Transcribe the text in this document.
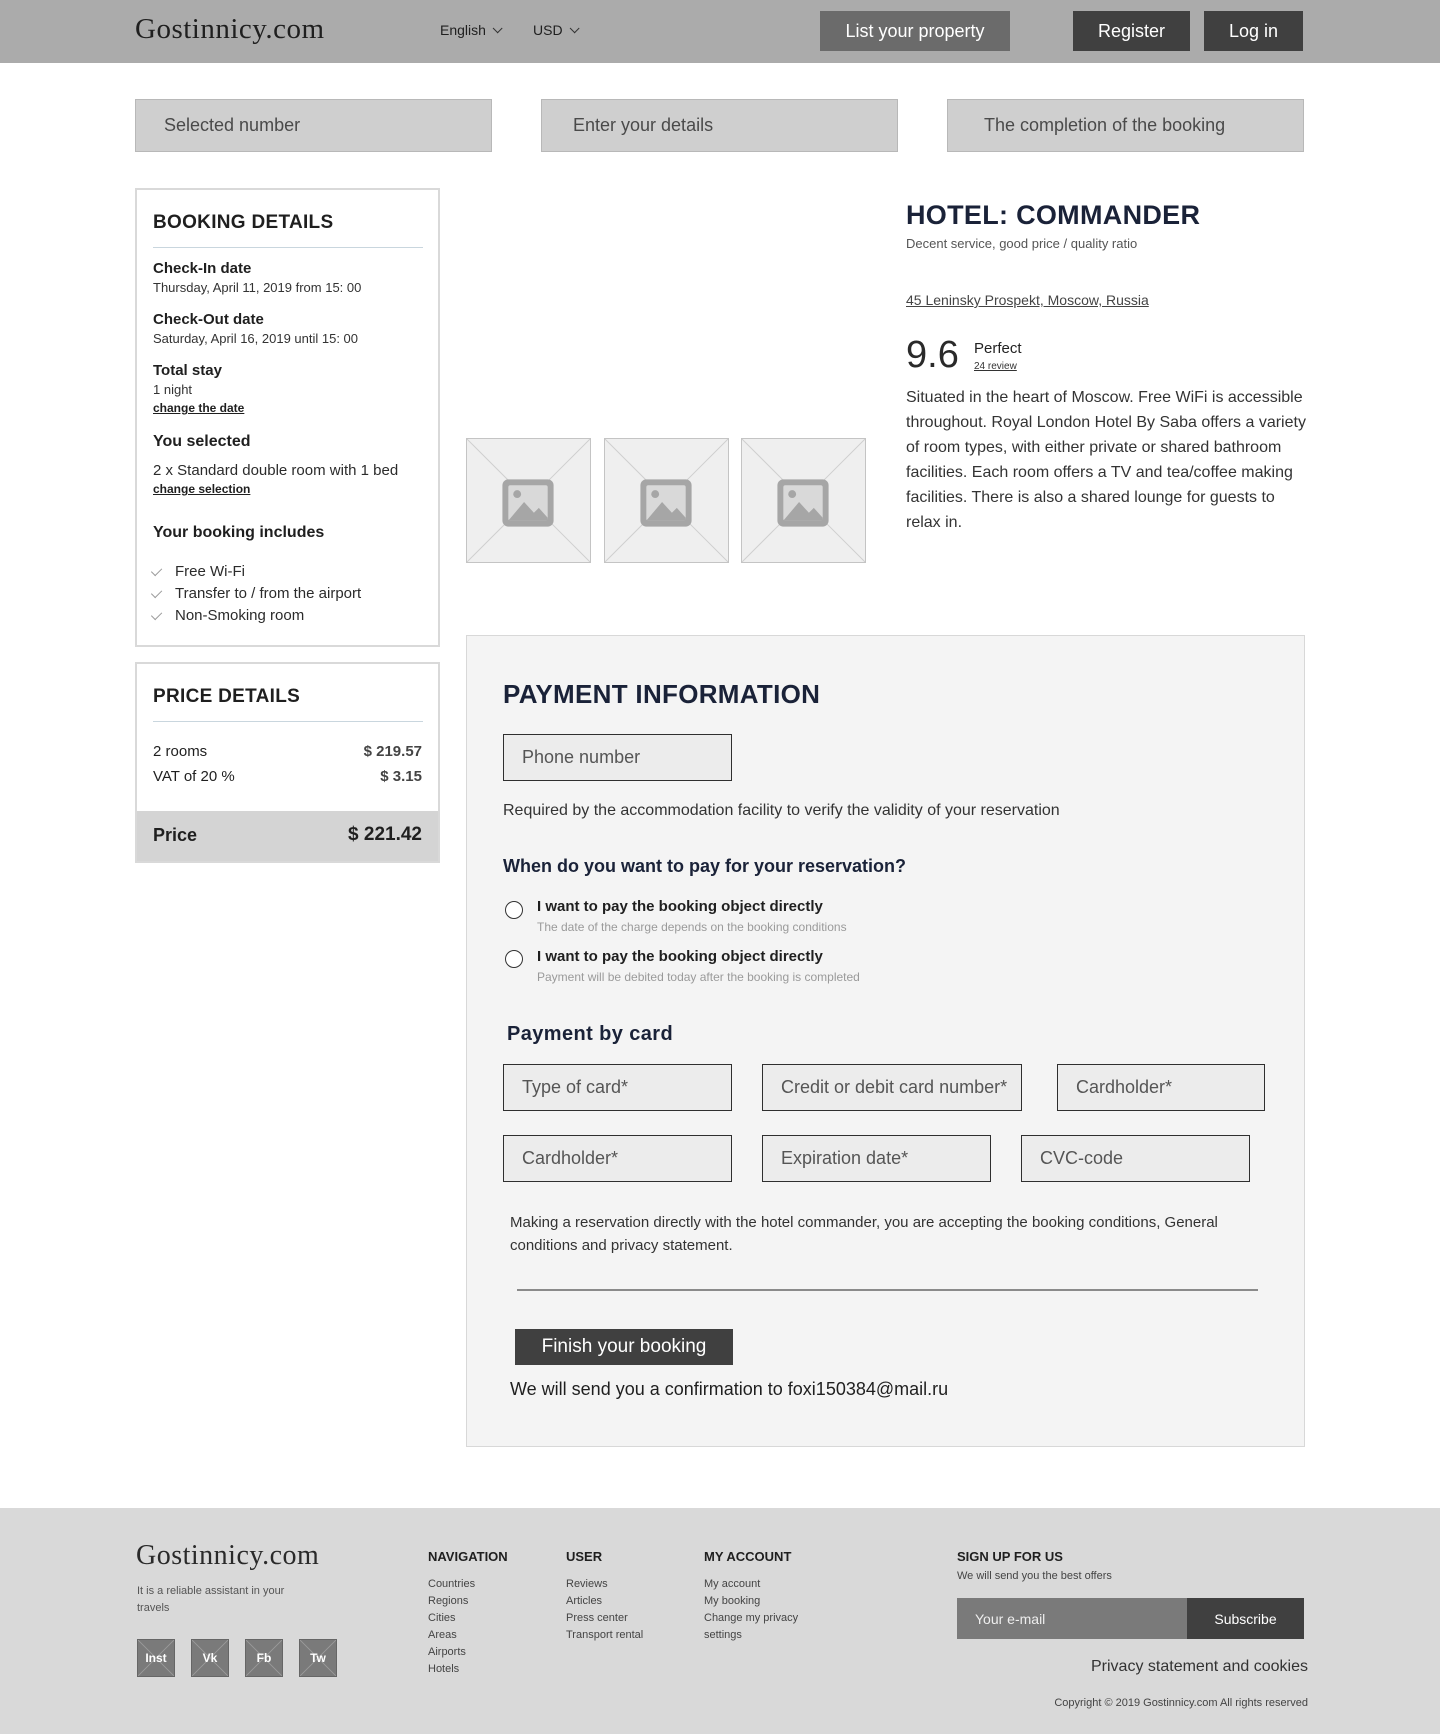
Gostinnicy.com	English	USD	List your property	Register	Log in
Selected number	Enter your details	The completion of the booking
BOOKING DETAILS
Check-In date
Thursday, April 11, 2019 from 15: 00
Check-Out date
Saturday, April 16, 2019 until 15: 00
Total stay
1 night
change the date
You selected
2 x Standard double room with 1 bed
change selection
Your booking includes
Free Wi-Fi
Transfer to / from the airport
Non-Smoking room
PRICE DETAILS
2 rooms	$ 219.57
VAT of 20 %	$ 3.15
Price	$ 221.42
HOTEL: COMMANDER
Decent service, good price / quality ratio
45 Leninsky Prospekt, Moscow, Russia
9.6 Perfect
24 review
Situated in the heart of Moscow. Free WiFi is accessible throughout. Royal London Hotel By Saba offers a variety of room types, with either private or shared bathroom facilities. Each room offers a TV and tea/coffee making facilities. There is also a shared lounge for guests to relax in.
PAYMENT INFORMATION
Phone number
Required by the accommodation facility to verify the validity of your reservation
When do you want to pay for your reservation?
I want to pay the booking object directly
The date of the charge depends on the booking conditions
I want to pay the booking object directly
Payment will be debited today after the booking is completed
Payment by card
Type of card*	Credit or debit card number*	Cardholder*
Cardholder*	Expiration date*	CVC-code
Making a reservation directly with the hotel commander, you are accepting the booking conditions, General conditions and privacy statement.
Finish your booking
We will send you a confirmation to foxi150384@mail.ru
Gostinnicy.com
It is a reliable assistant in your travels
Inst	Vk	Fb	Tw
NAVIGATION
Countries
Regions
Cities
Areas
Airports
Hotels
USER
Reviews
Articles
Press center
Transport rental
MY ACCOUNT
My account
My booking
Change my privacy
settings
SIGN UP FOR US
We will send you the best offers
Your e-mail	Subscribe
Privacy statement and cookies
Copyright © 2019 Gostinnicy.com All rights reserved
